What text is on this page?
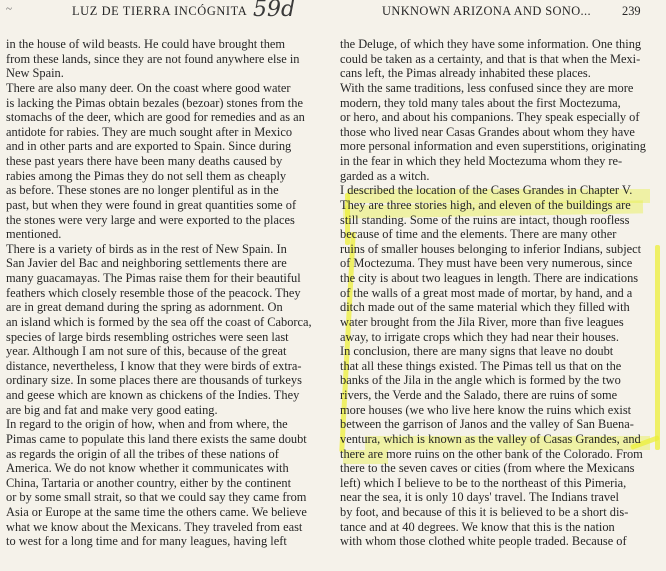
~	LUZ DE TIERRA INCÓGNITA 59d	UNKNOWN ARIZONA AND SONO... 239
in the house of wild beasts. He could have brought them
from these lands, since they are not found anywhere else in
New Spain.
There are also many deer. On the coast where good water
is lacking the Pimas obtain bezales (bezoar) stones from the
stomachs of the deer, which are good for remedies and as an
antidote for rabies. They are much sought after in Mexico
and in other parts and are exported to Spain. Since during
these past years there have been many deaths caused by
rabies among the Pimas they do not sell them as cheaply
as before. These stones are no longer plentiful as in the
past, but when they were found in great quantities some of
the stones were very large and were exported to the places
mentioned.
There is a variety of birds as in the rest of New Spain. In
San Javier del Bac and neighboring settlements there are
many guacamayas. The Pimas raise them for their beautiful
feathers which closely resemble those of the peacock. They
are in great demand during the spring as adornment. On
an island which is formed by the sea off the coast of Caborca,
species of large birds resembling ostriches were seen last
year. Although I am not sure of this, because of the great
distance, nevertheless, I know that they were birds of extra-
ordinary size. In some places there are thousands of turkeys
and geese which are known as chickens of the Indies. They
are big and fat and make very good eating.
In regard to the origin of how, when and from where, the
Pimas came to populate this land there exists the same doubt
as regards the origin of all the tribes of these nations of
America. We do not know whether it communicates with
China, Tartaria or another country, either by the continent
or by some small strait, so that we could say they came from
Asia or Europe at the same time the others came. We believe
what we know about the Mexicans. They traveled from east
to west for a long time and for many leagues, having left
the Deluge, of which they have some information. One thing
could be taken as a certainty, and that is that when the Mexi-
cans left, the Pimas already inhabited these places.
With the same traditions, less confused since they are more
modern, they told many tales about the first Moctezuma,
or hero, and about his companions. They speak especially of
those who lived near Casas Grandes about whom they have
more personal information and even superstitions, originating
in the fear in which they held Moctezuma whom they re-
garded as a witch.
I described the location of the Cases Grandes in Chapter V.
They are three stories high, and eleven of the buildings are
still standing. Some of the ruins are intact, though roofless
because of time and the elements. There are many other
ruins of smaller houses belonging to inferior Indians, subject
of Moctezuma. They must have been very numerous, since
the city is about two leagues in length. There are indications
of the walls of a great most made of mortar, by hand, and a
ditch made out of the same material which they filled with
water brought from the Jila River, more than five leagues
away, to irrigate crops which they had near their houses.
In conclusion, there are many signs that leave no doubt
that all these things existed. The Pimas tell us that on the
banks of the Jila in the angle which is formed by the two
rivers, the Verde and the Salado, there are ruins of some
more houses (we who live here know the ruins which exist
between the garrison of Janos and the valley of San Buena-
ventura, which is known as the valley of Casas Grandes, and
there are more ruins on the other bank of the Colorado. From
there to the seven caves or cities (from where the Mexicans
left) which I believe to be to the northeast of this Pimeria,
near the sea, it is only 10 days' travel. The Indians travel
by foot, and because of this it is believed to be a short dis-
tance and at 40 degrees. We know that this is the nation
with whom those clothed white people traded. Because of
